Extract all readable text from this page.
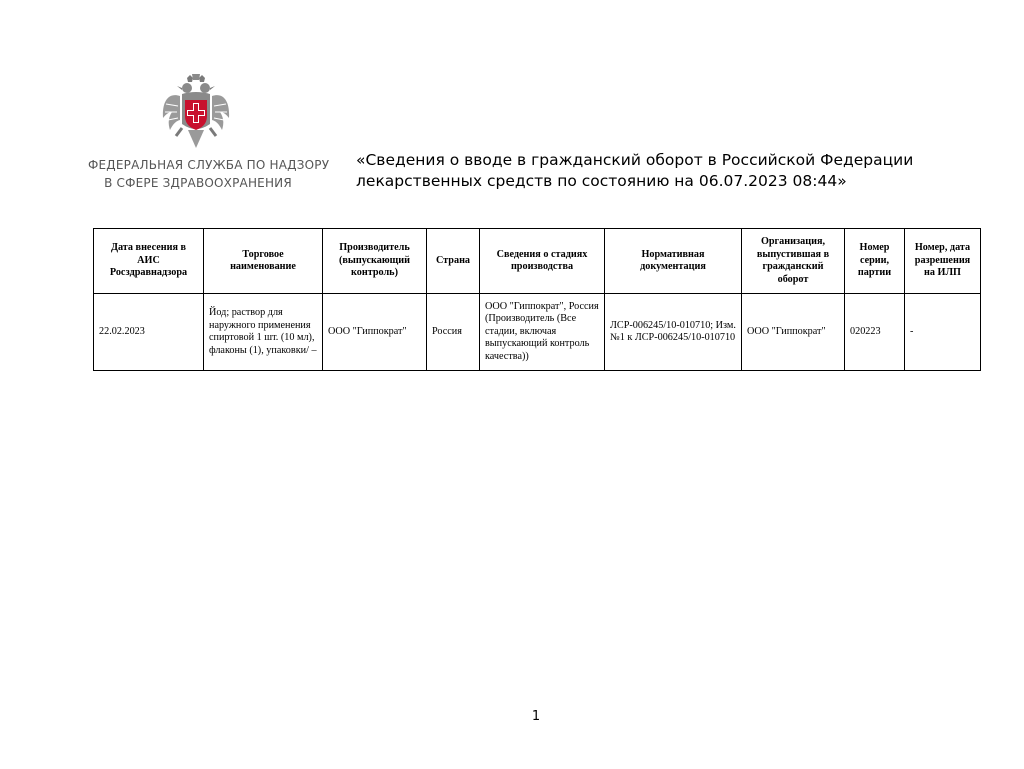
ФЕДЕРАЛЬНАЯ СЛУЖБА ПО НАДЗОРУ
В СФЕРЕ ЗДРАВООХРАНЕНИЯ
«Сведения о вводе в гражданский оборот в Российской Федерации
лекарственных средств по состоянию на 06.07.2023 08:44»
Дата внесения в АИС Росздравнадзора	Торговое наименование	Производитель (выпускающий контроль)	Страна	Сведения о стадиях производства	Нормативная документация	Организация, выпустившая в гражданский оборот	Номер серии, партии	Номер, дата разрешения на ИЛП
22.02.2023	Йод; раствор для наружного применения спиртовой 1 шт. (10 мл), флаконы (1), упаковки/ –	ООО "Гиппократ"	Россия	ООО "Гиппократ", Россия (Производитель (Все стадии, включая выпускающий контроль качества))	ЛСР-006245/10-010710; Изм. №1 к ЛСР-006245/10-010710	ООО "Гиппократ"	020223	-
1
